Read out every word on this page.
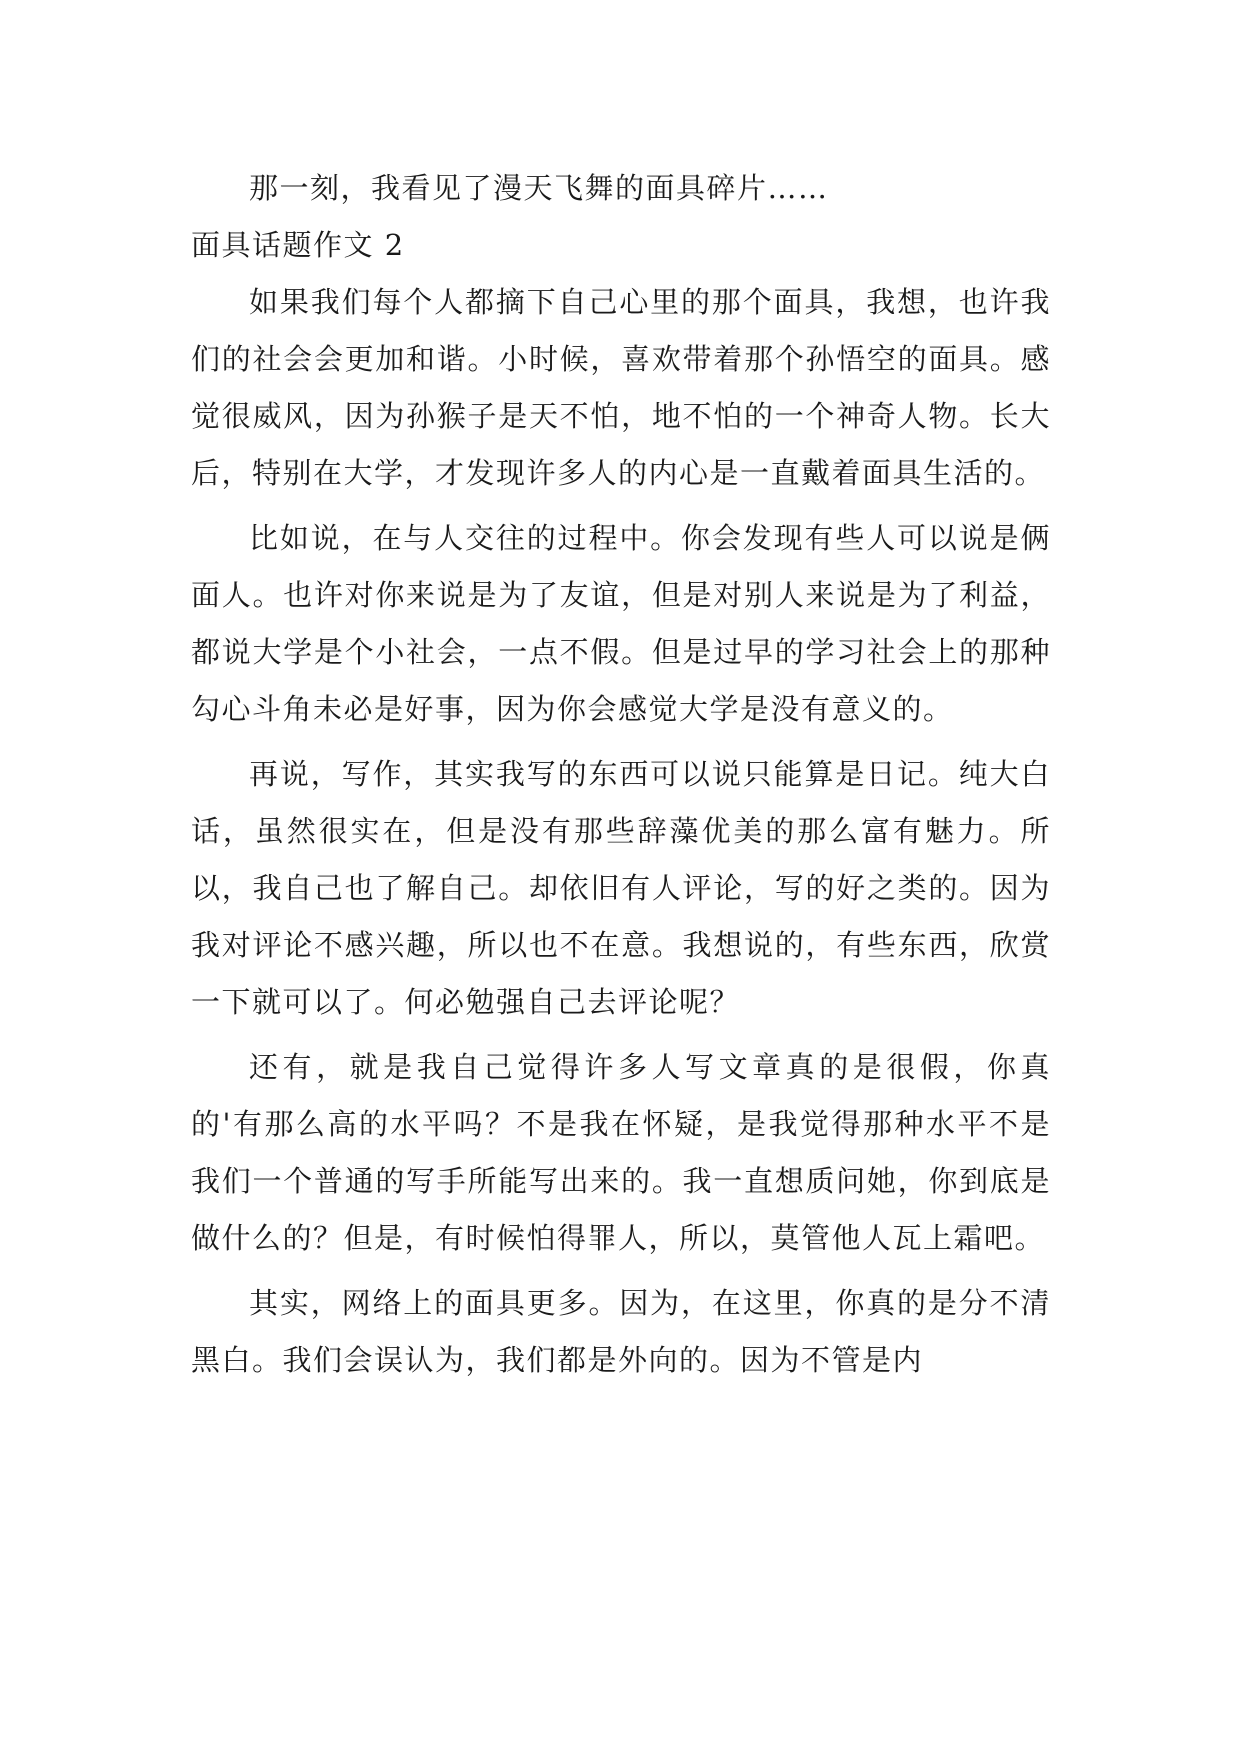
那一刻，我看见了漫天飞舞的面具碎片……

面具话题作文 2

如果我们每个人都摘下自己心里的那个面具，我想，也许我们的社会会更加和谐。小时候，喜欢带着那个孙悟空的面具。感觉很威风，因为孙猴子是天不怕，地不怕的一个神奇人物。长大后，特别在大学，才发现许多人的内心是一直戴着面具生活的。

比如说，在与人交往的过程中。你会发现有些人可以说是俩面人。也许对你来说是为了友谊，但是对别人来说是为了利益，都说大学是个小社会，一点不假。但是过早的学习社会上的那种勾心斗角未必是好事，因为你会感觉大学是没有意义的。

再说，写作，其实我写的东西可以说只能算是日记。纯大白话，虽然很实在，但是没有那些辞藻优美的那么富有魅力。所以，我自己也了解自己。却依旧有人评论，写的好之类的。因为我对评论不感兴趣，所以也不在意。我想说的，有些东西，欣赏一下就可以了。何必勉强自己去评论呢？

还有，就是我自己觉得许多人写文章真的是很假，你真的'有那么高的水平吗？不是我在怀疑，是我觉得那种水平不是我们一个普通的写手所能写出来的。我一直想质问她，你到底是做什么的？但是，有时候怕得罪人，所以，莫管他人瓦上霜吧。

其实，网络上的面具更多。因为，在这里，你真的是分不清黑白。我们会误认为，我们都是外向的。因为不管是内
